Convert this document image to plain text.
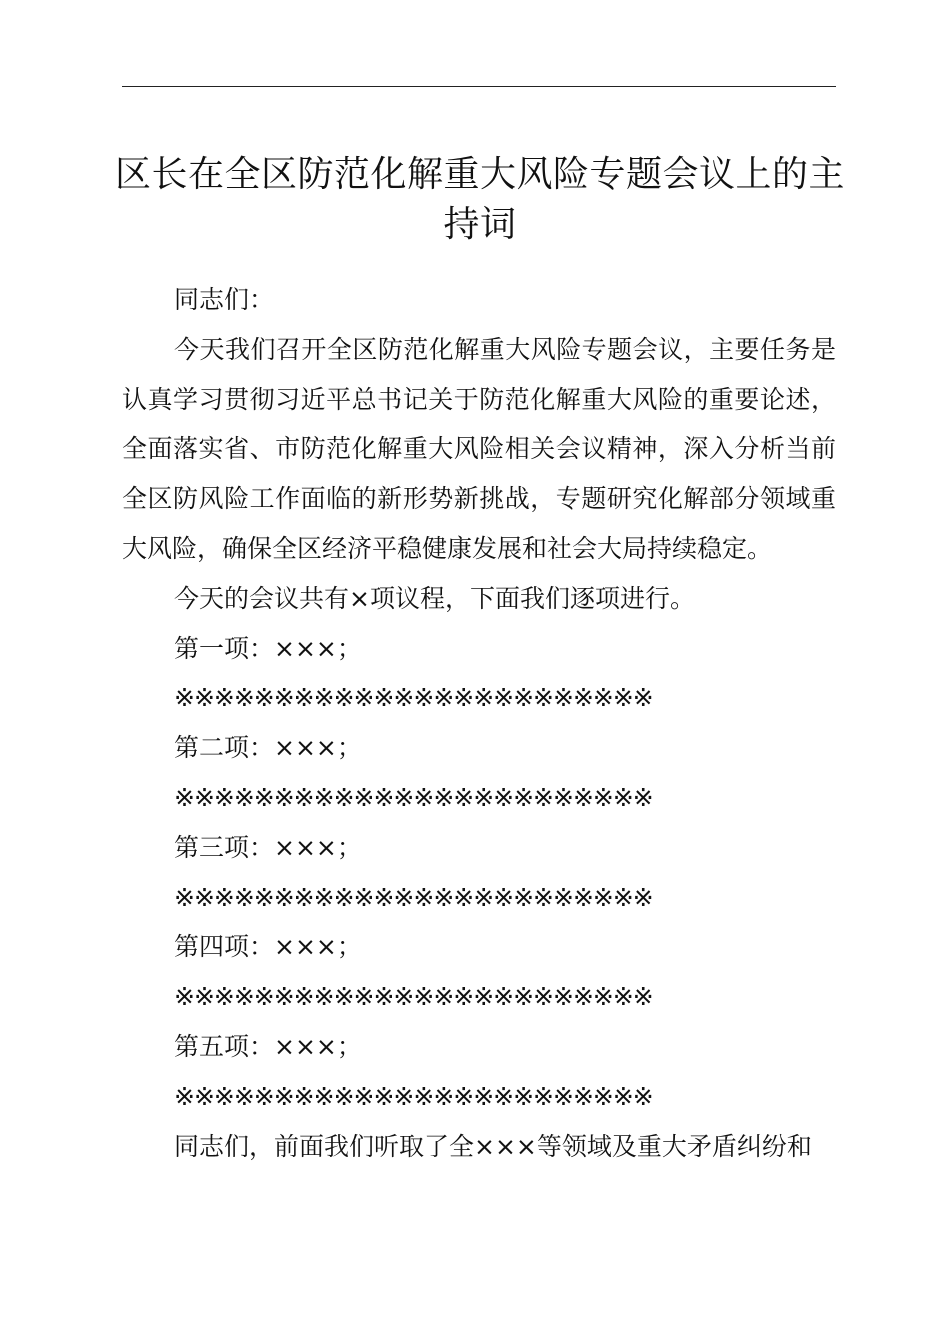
区长在全区防范化解重大风险专题会议上的主
持词

同志们：

今天我们召开全区防范化解重大风险专题会议，主要任务是认真学习贯彻习近平总书记关于防范化解重大风险的重要论述，全面落实省、市防范化解重大风险相关会议精神，深入分析当前全区防风险工作面临的新形势新挑战，专题研究化解部分领域重大风险，确保全区经济平稳健康发展和社会大局持续稳定。

今天的会议共有×项议程，下面我们逐项进行。

第一项：×××；

※※※※※※※※※※※※※※※※※※※※※※※※

第二项：×××；

※※※※※※※※※※※※※※※※※※※※※※※※

第三项：×××；

※※※※※※※※※※※※※※※※※※※※※※※※

第四项：×××；

※※※※※※※※※※※※※※※※※※※※※※※※

第五项：×××；

※※※※※※※※※※※※※※※※※※※※※※※※

同志们，前面我们听取了全×××等领域及重大矛盾纠纷和
